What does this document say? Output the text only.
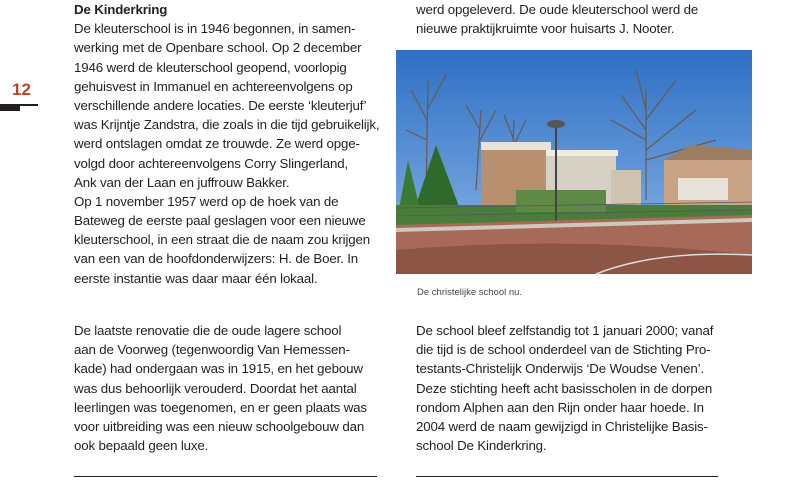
12
De Kinderkring
De kleuterschool is in 1946 begonnen, in samen-
werking met de Openbare school. Op 2 december
1946 werd de kleuterschool geopend, voorlopig
gehuisvest in Immanuel en achtereenvolgens op
verschillende andere locaties. De eerste ‘kleuterjuf’
was Krijntje Zandstra, die zoals in die tijd gebruikelijk,
werd ontslagen omdat ze trouwde. Ze werd opge-
volgd door achtereenvolgens Corry Slingerland,
Ank van der Laan en juffrouw Bakker.
Op 1 november 1957 werd op de hoek van de
Bateweg de eerste paal geslagen voor een nieuwe
kleuterschool, in een straat die de naam zou krijgen
van een van de hoofdonderwijzers: H. de Boer. In
eerste instantie was daar maar één lokaal.
De laatste renovatie die de oude lagere school
aan de Voorweg (tegenwoordig Van Hemessen-
kade) had ondergaan was in 1915, en het gebouw
was dus behoorlijk verouderd. Doordat het aantal
leerlingen was toegenomen, en er geen plaats was
voor uitbreiding was een nieuw schoolgebouw dan
ook bepaald geen luxe.
werd opgeleverd. De oude kleuterschool werd de
nieuwe praktijkruimte voor huisarts J. Nooter.
De christelijke school nu.
De school bleef zelfstandig tot 1 januari 2000; vanaf
die tijd is de school onderdeel van de Stichting Pro-
testants-Christelijk Onderwijs ‘De Woudse Venen’.
Deze stichting heeft acht basisscholen in de dorpen
rondom Alphen aan den Rijn onder haar hoede. In
2004 werd de naam gewijzigd in Christelijke Basis-
school De Kinderkring.
